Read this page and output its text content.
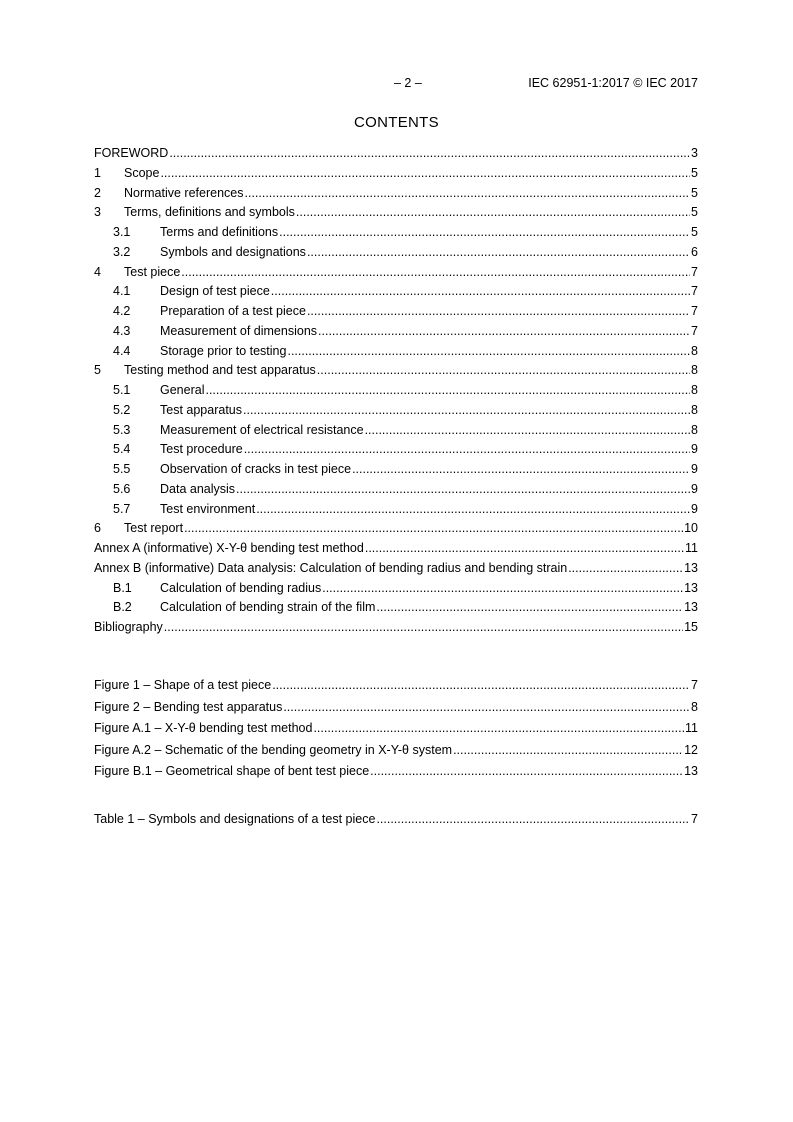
– 2 –	IEC 62951-1:2017 © IEC 2017
CONTENTS
FOREWORD .....	3
1	Scope .....	5
2	Normative references .....	5
3	Terms, definitions and symbols .....	5
3.1	Terms and definitions .....	5
3.2	Symbols and designations .....	6
4	Test piece .....	7
4.1	Design of test piece .....	7
4.2	Preparation of a test piece .....	7
4.3	Measurement of dimensions .....	7
4.4	Storage prior to testing .....	8
5	Testing method and test apparatus .....	8
5.1	General .....	8
5.2	Test apparatus .....	8
5.3	Measurement of electrical resistance .....	8
5.4	Test procedure .....	9
5.5	Observation of cracks in test piece .....	9
5.6	Data analysis .....	9
5.7	Test environment .....	9
6	Test report .....	10
Annex A (informative) X-Y-θ bending test method .....	11
Annex B (informative) Data analysis: Calculation of bending radius and bending strain .....	13
B.1	Calculation of bending radius .....	13
B.2	Calculation of bending strain of the film .....	13
Bibliography .....	15
Figure 1 – Shape of a test piece .....	7
Figure 2 – Bending test apparatus .....	8
Figure A.1 – X-Y-θ bending test method .....	11
Figure A.2 – Schematic of the bending geometry in X-Y-θ system .....	12
Figure B.1 – Geometrical shape of bent test piece .....	13
Table 1 – Symbols and designations of a test piece .....	7
